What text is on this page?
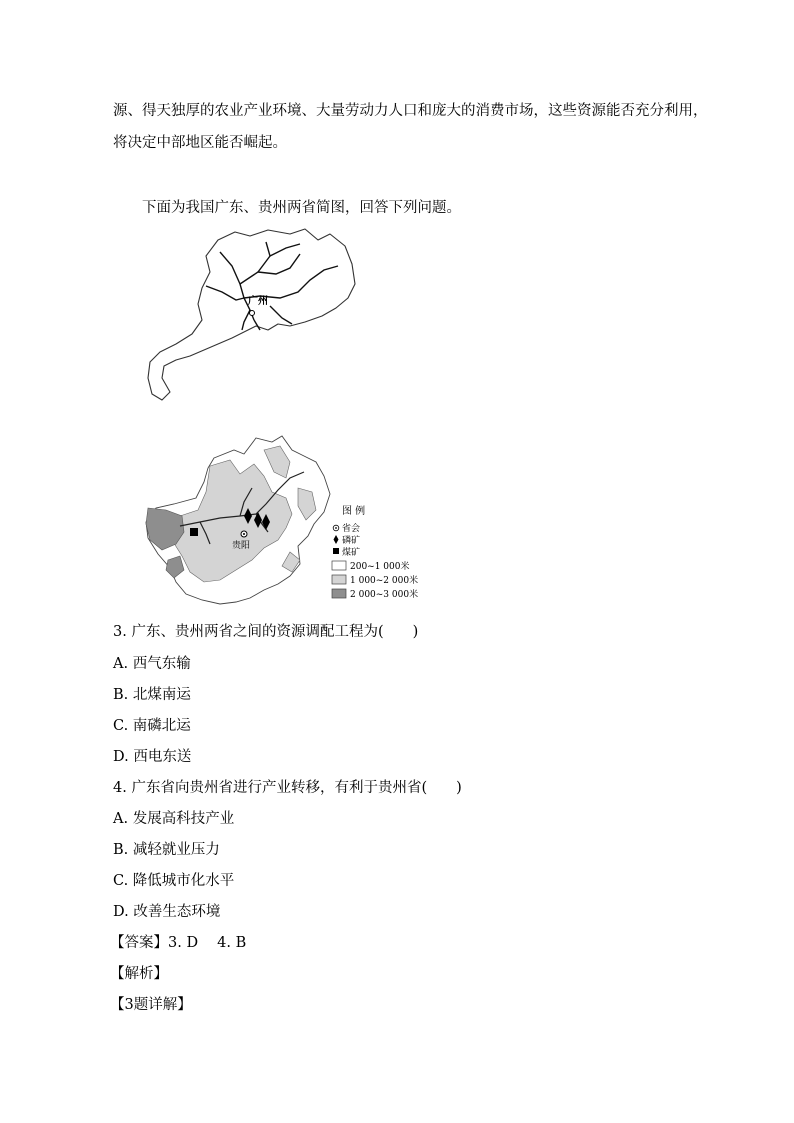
源、得天独厚的农业产业环境、大量劳动力人口和庞大的消费市场，这些资源能否充分利用，
将决定中部地区能否崛起。
下面为我国广东、贵州两省简图，回答下列问题。
广州
贵阳
图 例
省会
磷矿
煤矿
200~1 000米
1 000~2 000米
2 000~3 000米
3. 广东、贵州两省之间的资源调配工程为(　　)
A. 西气东输
B. 北煤南运
C. 南磷北运
D. 西电东送
4. 广东省向贵州省进行产业转移，有利于贵州省(　　)
A. 发展高科技产业
B. 减轻就业压力
C. 降低城市化水平
D. 改善生态环境
【答案】3. D　 4. B
【解析】
【3题详解】
